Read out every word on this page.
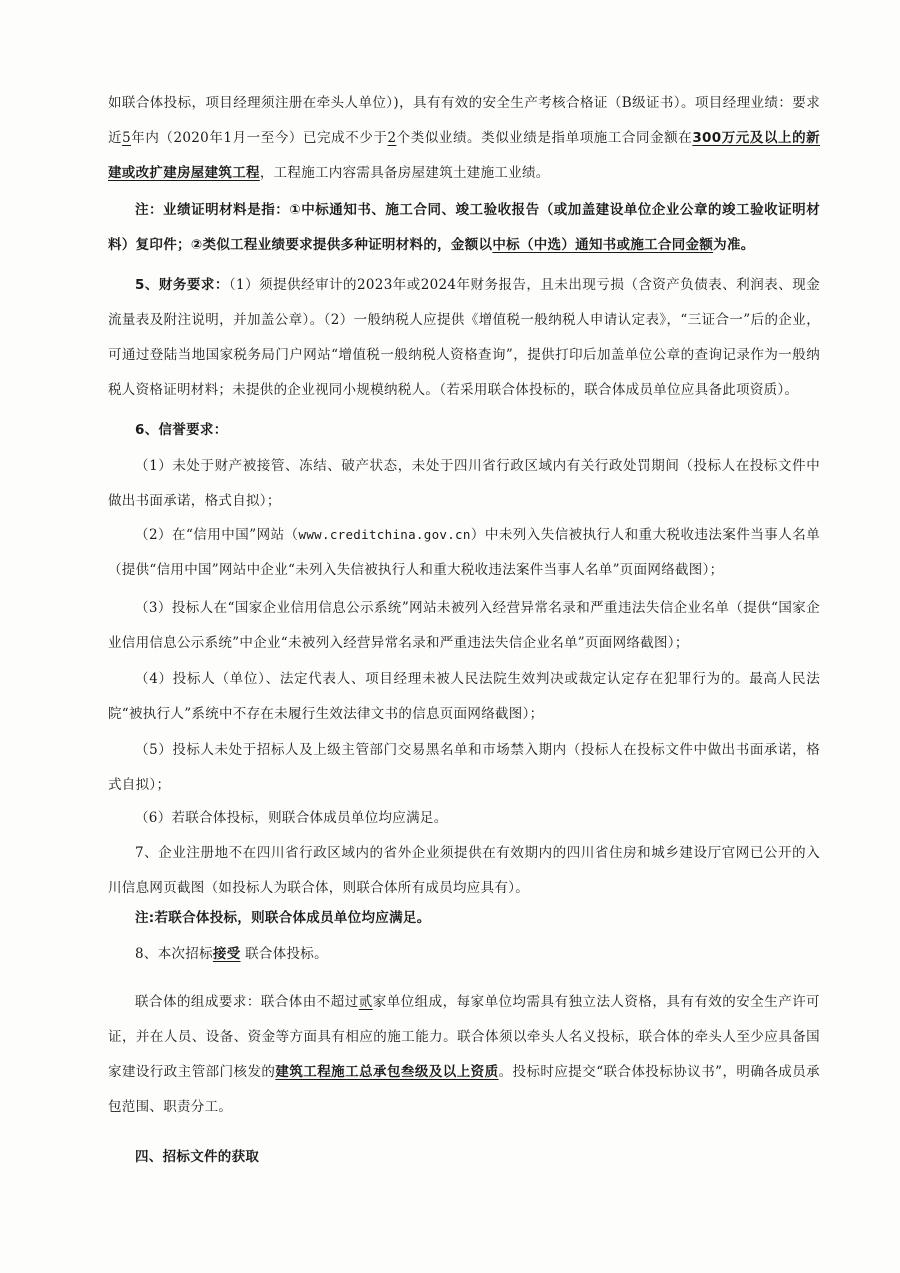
如联合体投标，项目经理须注册在牵头人单位）)，具有有效的安全生产考核合格证（B级证书）。项目经理业绩：要求近5年内（2020年1月一至今）已完成不少于2个类似业绩。类似业绩是指单项施工合同金额在300万元及以上的新建或改扩建房屋建筑工程，工程施工内容需具备房屋建筑土建施工业绩。

注：业绩证明材料是指：①中标通知书、施工合同、竣工验收报告（或加盖建设单位企业公章的竣工验收证明材料）复印件；②类似工程业绩要求提供多种证明材料的，金额以中标（中选）通知书或施工合同金额为准。

5、财务要求：（1）须提供经审计的2023年或2024年财务报告，且未出现亏损（含资产负债表、利润表、现金流量表及附注说明，并加盖公章）。（2）一般纳税人应提供《增值税一般纳税人申请认定表》，“三证合一”后的企业，可通过登陆当地国家税务局门户网站“增值税一般纳税人资格查询”，提供打印后加盖单位公章的查询记录作为一般纳税人资格证明材料；未提供的企业视同小规模纳税人。（若采用联合体投标的，联合体成员单位应具备此项资质）。

6、信誉要求：

（1）未处于财产被接管、冻结、破产状态，未处于四川省行政区域内有关行政处罚期间（投标人在投标文件中做出书面承诺，格式自拟）；

（2）在“信用中国”网站（www.creditchina.gov.cn）中未列入失信被执行人和重大税收违法案件当事人名单（提供“信用中国”网站中企业“未列入失信被执行人和重大税收违法案件当事人名单”页面网络截图）；

（3）投标人在“国家企业信用信息公示系统”网站未被列入经营异常名录和严重违法失信企业名单（提供“国家企业信用信息公示系统”中企业“未被列入经营异常名录和严重违法失信企业名单”页面网络截图）；

（4）投标人（单位）、法定代表人、项目经理未被人民法院生效判决或裁定认定存在犯罪行为的。最高人民法院“被执行人”系统中不存在未履行生效法律文书的信息页面网络截图）；

（5）投标人未处于招标人及上级主管部门交易黑名单和市场禁入期内（投标人在投标文件中做出书面承诺，格式自拟）；

（6）若联合体投标，则联合体成员单位均应满足。

7、企业注册地不在四川省行政区域内的省外企业须提供在有效期内的四川省住房和城乡建设厅官网已公开的入川信息网页截图（如投标人为联合体，则联合体所有成员均应具有）。

注:若联合体投标，则联合体成员单位均应满足。

8、本次招标接受 联合体投标。

联合体的组成要求：联合体由不超过贰家单位组成，每家单位均需具有独立法人资格，具有有效的安全生产许可证，并在人员、设备、资金等方面具有相应的施工能力。联合体须以牵头人名义投标，联合体的牵头人至少应具备国家建设行政主管部门核发的建筑工程施工总承包叁级及以上资质。投标时应提交“联合体投标协议书”，明确各成员承包范围、职责分工。

四、招标文件的获取
